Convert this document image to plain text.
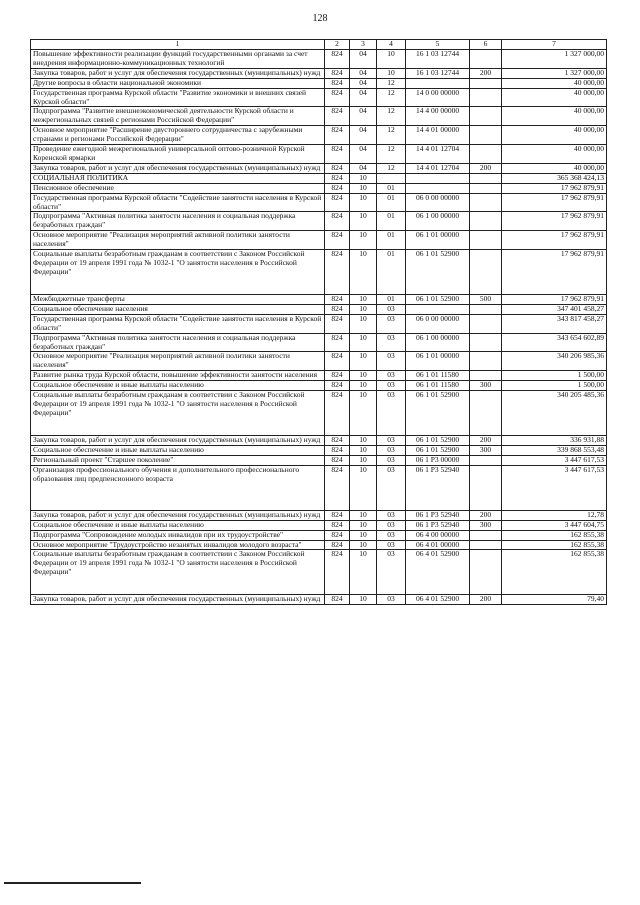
128
1	2	3	4	5	6	7
Повышение эффективности реализации функций государственными органами за счет внедрения информационно-коммуникационных технологий	824	04	10	16 1 03 12744		1 327 000,00
Закупка товаров, работ и услуг для обеспечения государственных (муниципальных) нужд	824	04	10	16 1 03 12744	200	1 327 000,00
Другие вопросы в области национальной экономики	824	04	12			40 000,00
Государственная программа Курской области "Развитие экономики и внешних связей Курской области"	824	04	12	14 0 00 00000		40 000,00
Подпрограмма "Развитие внешнеэкономической деятельности Курской области и межрегиональных связей с регионами Российской Федерации"	824	04	12	14 4 00 00000		40 000,00
Основное мероприятие "Расширение двустороннего сотрудничества с зарубежными странами и регионами Российской Федерации"	824	04	12	14 4 01 00000		40 000,00
Проведение ежегодной межрегиональной универсальной оптово-розничной Курской Коренской ярмарки	824	04	12	14 4 01 12704		40 000,00
Закупка товаров, работ и услуг для обеспечения государственных (муниципальных) нужд	824	04	12	14 4 01 12704	200	40 000,00
СОЦИАЛЬНАЯ ПОЛИТИКА	824	10				365 368 424,13
Пенсионное обеспечение	824	10	01			17 962 879,91
Государственная программа Курской области "Содействие занятости населения в Курской области"	824	10	01	06 0 00 00000		17 962 879,91
Подпрограмма "Активная политика занятости населения и социальная поддержка безработных граждан"	824	10	01	06 1 00 00000		17 962 879,91
Основное мероприятие "Реализация мероприятий активной политики занятости населения"	824	10	01	06 1 01 00000		17 962 879,91
Социальные выплаты безработным гражданам в соответствии с Законом Российской Федерации от 19 апреля 1991 года № 1032-1 "О занятости населения в Российской Федерации"	824	10	01	06 1 01 52900		17 962 879,91
Межбюджетные трансферты	824	10	01	06 1 01 52900	500	17 962 879,91
Социальное обеспечение населения	824	10	03			347 401 458,27
Государственная программа Курской области "Содействие занятости населения в Курской области"	824	10	03	06 0 00 00000		343 817 458,27
Подпрограмма "Активная политика занятости населения и социальная поддержка безработных граждан"	824	10	03	06 1 00 00000		343 654 602,89
Основное мероприятие "Реализация мероприятий активной политики занятости населения"	824	10	03	06 1 01 00000		340 206 985,36
Развитие рынка труда Курской области, повышение эффективности занятости населения	824	10	03	06 1 01 11580		1 500,00
Социальное обеспечение и иные выплаты населению	824	10	03	06 1 01 11580	300	1 500,00
Социальные выплаты безработным гражданам в соответствии с Законом Российской Федерации от 19 апреля 1991 года № 1032-1 "О занятости населения в Российской Федерации"	824	10	03	06 1 01 52900		340 205 485,36
Закупка товаров, работ и услуг для обеспечения государственных (муниципальных) нужд	824	10	03	06 1 01 52900	200	336 931,88
Социальное обеспечение и иные выплаты населению	824	10	03	06 1 01 52900	300	339 868 553,48
Региональный проект "Старшее поколение"	824	10	03	06 1 P3 00000		3 447 617,53
Организация профессионального обучения и дополнительного профессионального образования лиц предпенсионного возраста	824	10	03	06 1 P3 52940		3 447 617,53
Закупка товаров, работ и услуг для обеспечения государственных (муниципальных) нужд	824	10	03	06 1 P3 52940	200	12,78
Социальное обеспечение и иные выплаты населению	824	10	03	06 1 P3 52940	300	3 447 604,75
Подпрограмма "Сопровождение молодых инвалидов при их трудоустройстве"	824	10	03	06 4 00 00000		162 855,38
Основное мероприятие "Трудоустройство незанятых инвалидов молодого возраста"	824	10	03	06 4 01 00000		162 855,38
Социальные выплаты безработным гражданам в соответствии с Законом Российской Федерации от 19 апреля 1991 года № 1032-1 "О занятости населения в Российской Федерации"	824	10	03	06 4 01 52900		162 855,38
Закупка товаров, работ и услуг для обеспечения государственных (муниципальных) нужд	824	10	03	06 4 01 52900	200	79,40
